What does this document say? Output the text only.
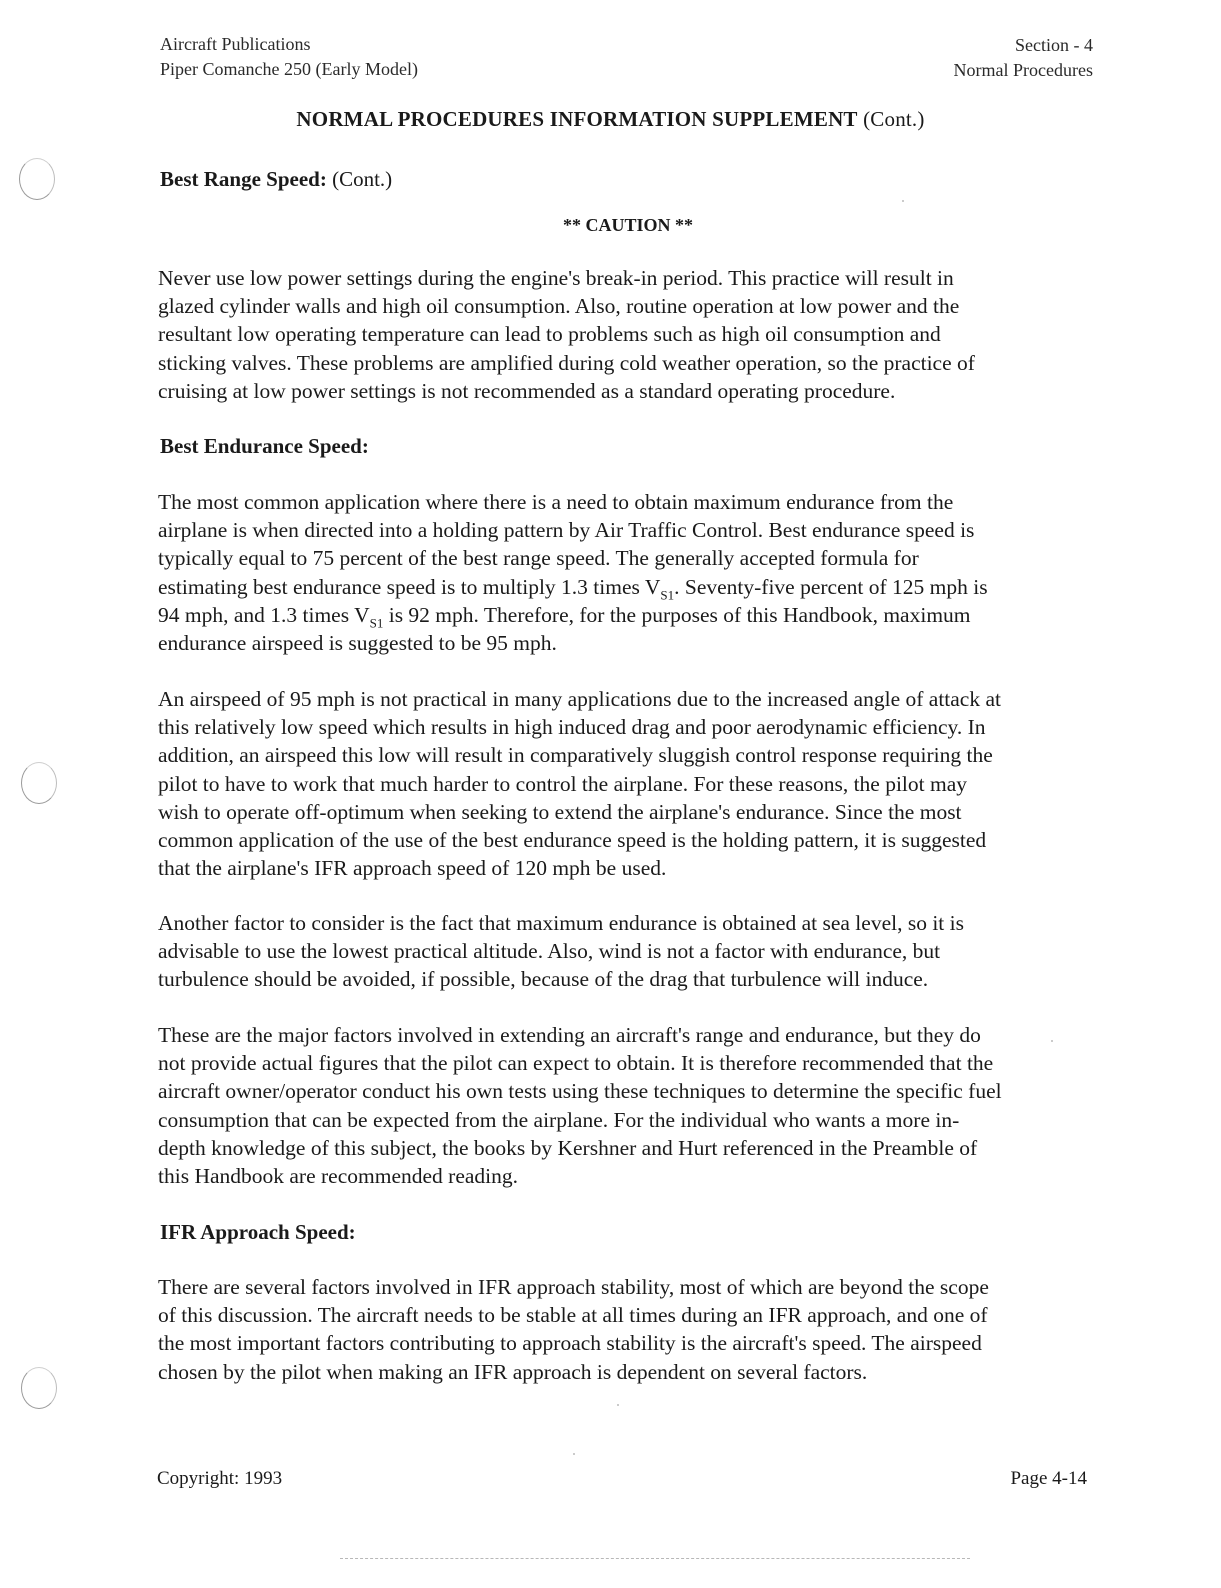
Aircraft Publications
Piper Comanche 250 (Early Model)
Section - 4
Normal Procedures
NORMAL PROCEDURES INFORMATION SUPPLEMENT (Cont.)
Best Range Speed: (Cont.)
** CAUTION **
Never use low power settings during the engine's break-in period. This practice will result in
glazed cylinder walls and high oil consumption. Also, routine operation at low power and the
resultant low operating temperature can lead to problems such as high oil consumption and
sticking valves. These problems are amplified during cold weather operation, so the practice of
cruising at low power settings is not recommended as a standard operating procedure.
Best Endurance Speed:
The most common application where there is a need to obtain maximum endurance from the
airplane is when directed into a holding pattern by Air Traffic Control. Best endurance speed is
typically equal to 75 percent of the best range speed. The generally accepted formula for
estimating best endurance speed is to multiply 1.3 times $V_{S1}$. Seventy-five percent of 125 mph is
94 mph, and 1.3 times $V_{S1}$ is 92 mph. Therefore, for the purposes of this Handbook, maximum
endurance airspeed is suggested to be 95 mph.
An airspeed of 95 mph is not practical in many applications due to the increased angle of attack at
this relatively low speed which results in high induced drag and poor aerodynamic efficiency. In
addition, an airspeed this low will result in comparatively sluggish control response requiring the
pilot to have to work that much harder to control the airplane. For these reasons, the pilot may
wish to operate off-optimum when seeking to extend the airplane's endurance. Since the most
common application of the use of the best endurance speed is the holding pattern, it is suggested
that the airplane's IFR approach speed of 120 mph be used.
Another factor to consider is the fact that maximum endurance is obtained at sea level, so it is
advisable to use the lowest practical altitude. Also, wind is not a factor with endurance, but
turbulence should be avoided, if possible, because of the drag that turbulence will induce.
These are the major factors involved in extending an aircraft's range and endurance, but they do
not provide actual figures that the pilot can expect to obtain. It is therefore recommended that the
aircraft owner/operator conduct his own tests using these techniques to determine the specific fuel
consumption that can be expected from the airplane. For the individual who wants a more in-
depth knowledge of this subject, the books by Kershner and Hurt referenced in the Preamble of
this Handbook are recommended reading.
IFR Approach Speed:
There are several factors involved in IFR approach stability, most of which are beyond the scope
of this discussion. The aircraft needs to be stable at all times during an IFR approach, and one of
the most important factors contributing to approach stability is the aircraft's speed. The airspeed
chosen by the pilot when making an IFR approach is dependent on several factors.
Copyright: 1993	Page 4-14
